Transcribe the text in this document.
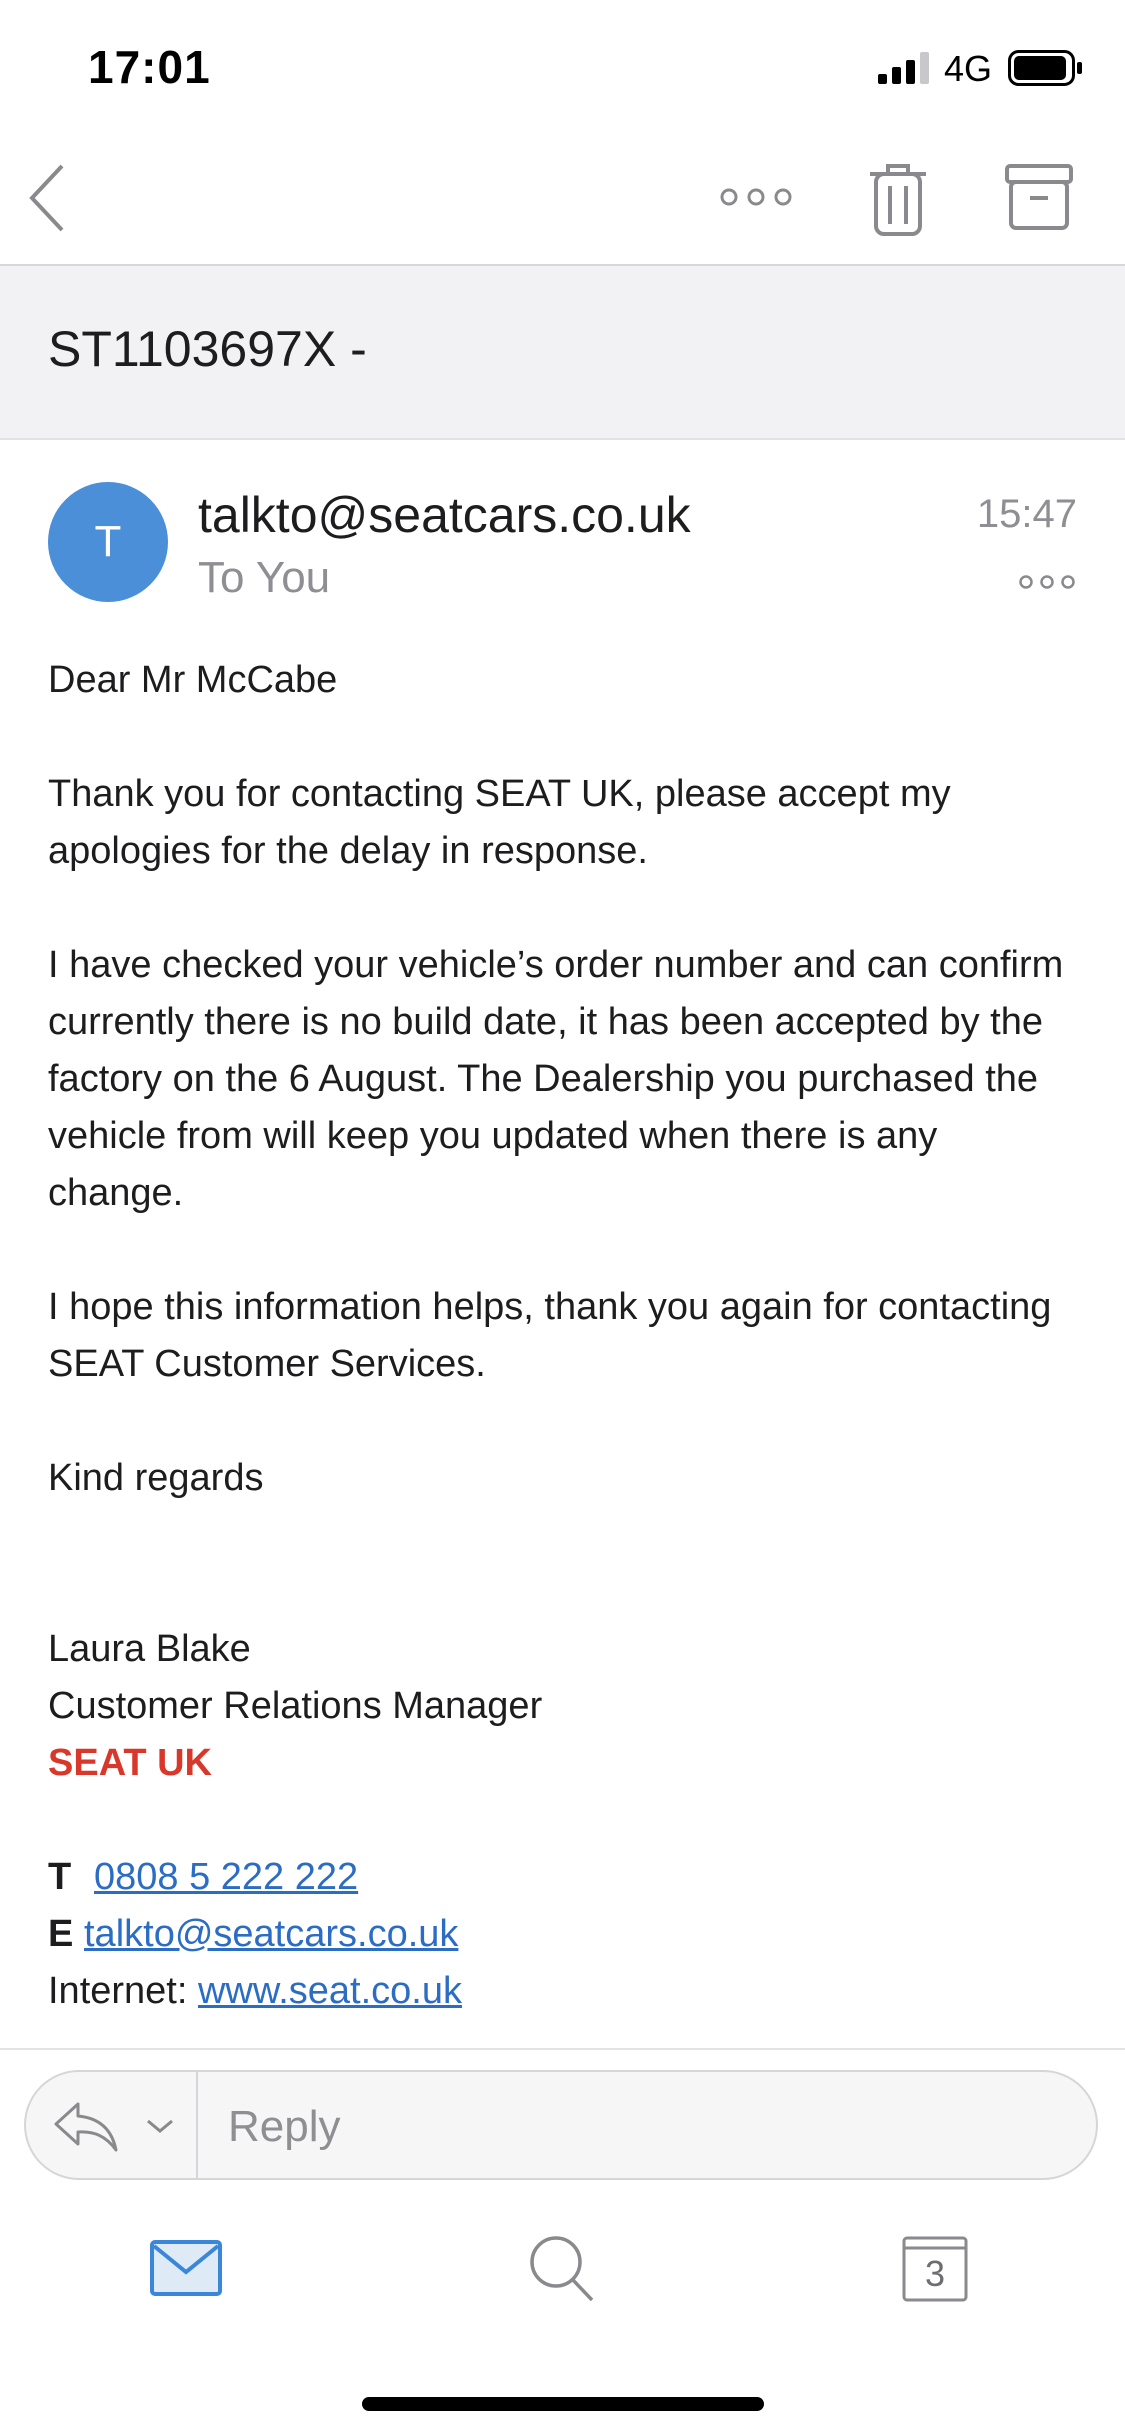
17:01	4G
ST1103697X -
T	talkto@seatcars.co.uk
To You
15:47

Dear Mr McCabe

Thank you for contacting SEAT UK, please accept my apologies for the delay in response.

I have checked your vehicle’s order number and can confirm currently there is no build date, it has been accepted by the factory on the 6 August. The Dealership you purchased the vehicle from will keep you updated when there is any change.

I hope this information helps, thank you again for contacting SEAT Customer Services.

Kind regards

Laura Blake
Customer Relations Manager
SEAT UK
T 0808 5 222 222
E talkto@seatcars.co.uk
Internet: www.seat.co.uk
Reply
3
